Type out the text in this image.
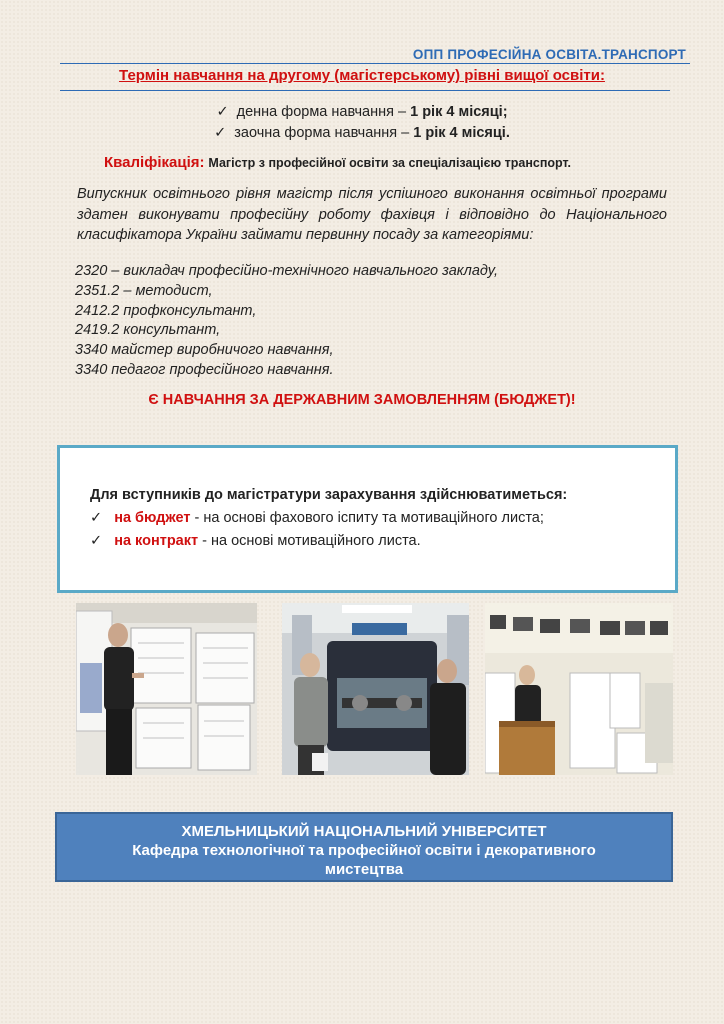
ОПП ПРОФЕСІЙНА ОСВІТА.ТРАНСПОРТ
Термін навчання на другому (магістерському) рівні вищої освіти:
✓ денна форма навчання – 1 рік 4 місяці;
✓ заочна форма навчання – 1 рік 4 місяці.
Кваліфікація: Магістр з професійної освіти за спеціалізацією транспорт.
Випускник освітнього рівня магістр після успішного виконання освітньої програми здатен виконувати професійну роботу фахівця і відповідно до Національного класифікатора України займати первинну посаду за категоріями:
2320 – викладач професійно-технічного навчального закладу,
2351.2 – методист,
2412.2 профконсультант,
2419.2 консультант,
3340 майстер виробничого навчання,
3340 педагог професійного навчання.
Є НАВЧАННЯ ЗА ДЕРЖАВНИМ ЗАМОВЛЕННЯМ (БЮДЖЕТ)!
Для вступників до магістратури зарахування здійснюватиметься:
✓ на бюджет - на основі фахового іспиту та мотиваційного листа;
✓ на контракт - на основі мотиваційного листа.
ХМЕЛЬНИЦЬКИЙ НАЦІОНАЛЬНИЙ УНІВЕРСИТЕТ
Кафедра технологічної та професійної освіти і декоративного
мистецтва
